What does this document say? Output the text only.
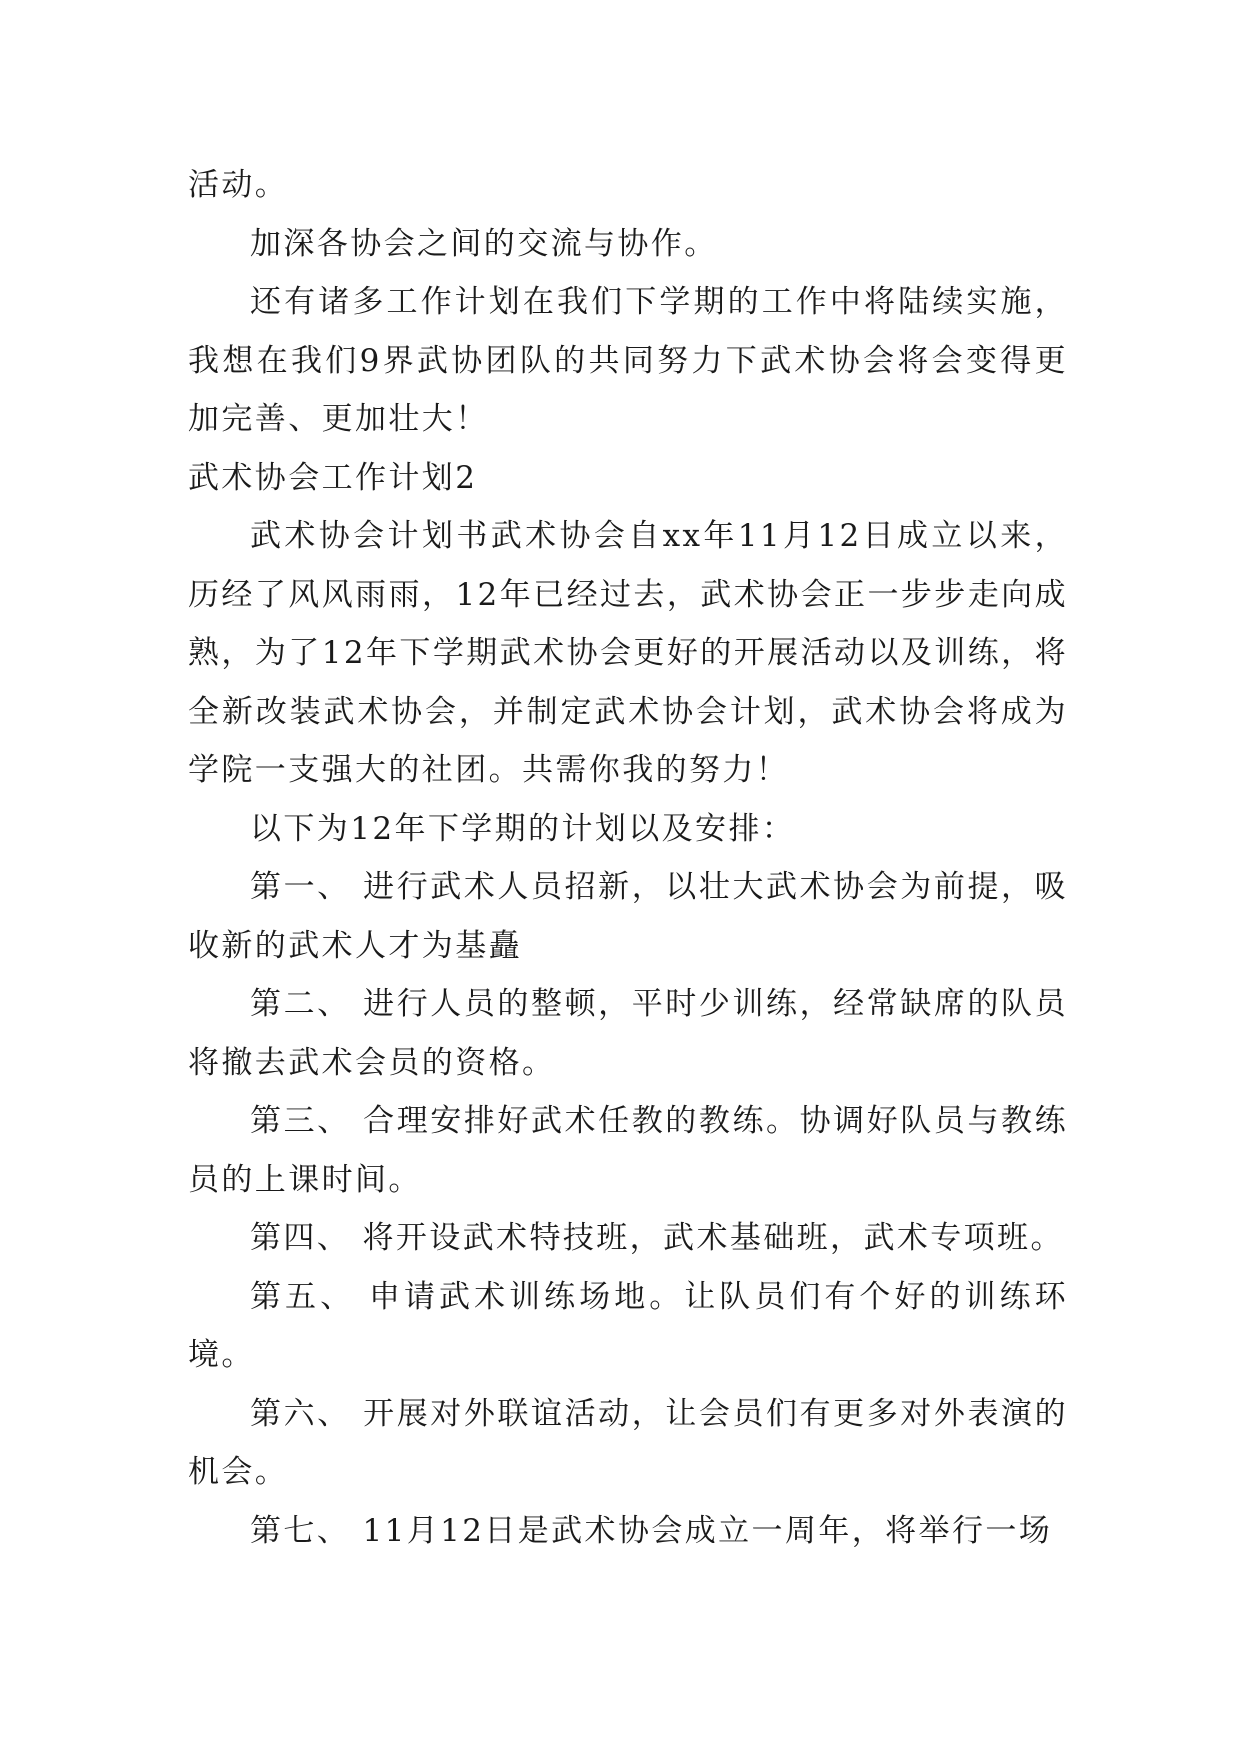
活动。

加深各协会之间的交流与协作。

还有诸多工作计划在我们下学期的工作中将陆续实施，我想在我们9界武协团队的共同努力下武术协会将会变得更加完善、更加壮大！

武术协会工作计划2

武术协会计划书武术协会自xx年11月12日成立以来，历经了风风雨雨，12年已经过去，武术协会正一步步走向成熟，为了12年下学期武术协会更好的开展活动以及训练，将全新改装武术协会，并制定武术协会计划，武术协会将成为学院一支强大的社团。共需你我的努力！

以下为12年下学期的计划以及安排：

第一、 进行武术人员招新，以壮大武术协会为前提，吸收新的武术人才为基矗

第二、 进行人员的整顿，平时少训练，经常缺席的队员将撤去武术会员的资格。

第三、 合理安排好武术任教的教练。协调好队员与教练员的上课时间。

第四、 将开设武术特技班，武术基础班，武术专项班。

第五、 申请武术训练场地。让队员们有个好的训练环境。

第六、 开展对外联谊活动，让会员们有更多对外表演的机会。

第七、 11月12日是武术协会成立一周年，将举行一场
